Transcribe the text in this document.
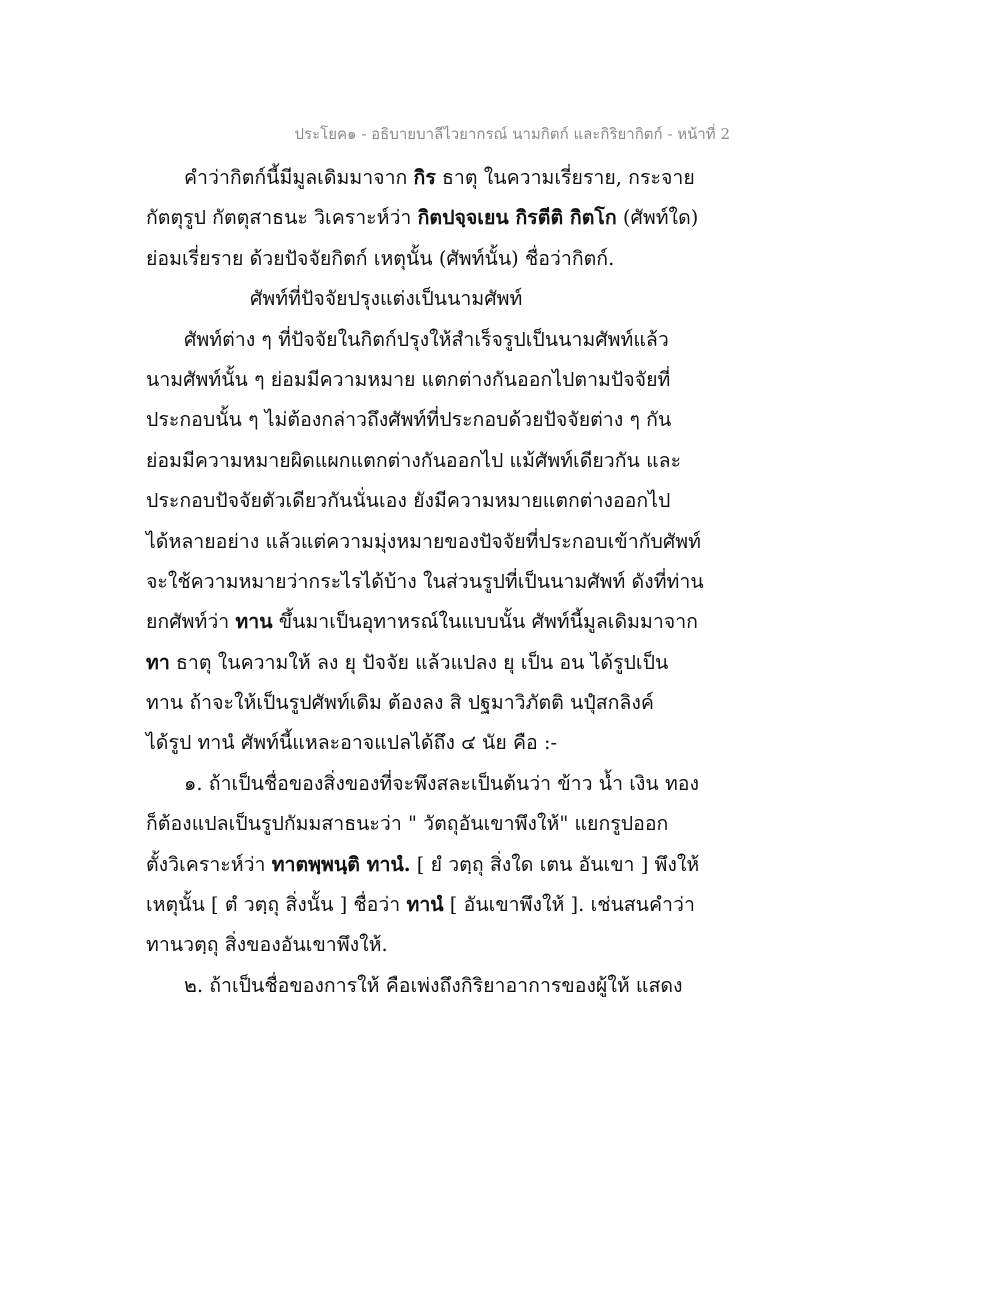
ประโยค๑ - อธิบายบาลีไวยากรณ์ นามกิตก์ และกิริยากิตก์ - หน้าที่ 2
คำว่ากิตก์นี้มีมูลเดิมมาจาก กิร ธาตุ ในความเรี่ยราย, กระจาย
กัตตุรูป กัตตุสาธนะ วิเคราะห์ว่า กิตปจฺจเยน กิรตีติ กิตโก (ศัพท์ใด)
ย่อมเรี่ยราย ด้วยปัจจัยกิตก์ เหตุนั้น (ศัพท์นั้น) ชื่อว่ากิตก์.
ศัพท์ที่ปัจจัยปรุงแต่งเป็นนามศัพท์
ศัพท์ต่าง ๆ ที่ปัจจัยในกิตก์ปรุงให้สำเร็จรูปเป็นนามศัพท์แล้ว
นามศัพท์นั้น ๆ ย่อมมีความหมาย แตกต่างกันออกไปตามปัจจัยที่
ประกอบนั้น ๆ ไม่ต้องกล่าวถึงศัพท์ที่ประกอบด้วยปัจจัยต่าง ๆ กัน
ย่อมมีความหมายผิดแผกแตกต่างกันออกไป แม้ศัพท์เดียวกัน และ
ประกอบปัจจัยตัวเดียวกันนั่นเอง ยังมีความหมายแตกต่างออกไป
ได้หลายอย่าง แล้วแต่ความมุ่งหมายของปัจจัยที่ประกอบเข้ากับศัพท์
จะใช้ความหมายว่ากระไรได้บ้าง ในส่วนรูปที่เป็นนามศัพท์ ดังที่ท่าน
ยกศัพท์ว่า ทาน ขึ้นมาเป็นอุทาหรณ์ในแบบนั้น ศัพท์นี้มูลเดิมมาจาก
ทา ธาตุ ในความให้ ลง ยุ ปัจจัย แล้วแปลง ยุ เป็น อน ได้รูปเป็น
ทาน ถ้าจะให้เป็นรูปศัพท์เดิม ต้องลง สิ ปฐมาวิภัตติ นปุํสกลิงค์
ได้รูป ทานํ ศัพท์นี้แหละอาจแปลได้ถึง ๔ นัย คือ :-
๑. ถ้าเป็นชื่อของสิ่งของที่จะพึงสละเป็นต้นว่า ข้าว น้ำ เงิน ทอง
ก็ต้องแปลเป็นรูปกัมมสาธนะว่า " วัตถุอันเขาพึงให้" แยกรูปออก
ตั้งวิเคราะห์ว่า ทาตพฺพนฺติ ทานํ. [ ยํ วตฺถุ สิ่งใด เตน อันเขา ] พึงให้
เหตุนั้น [ ตํ วตฺถุ สิ่งนั้น ] ชื่อว่า ทานํ [ อันเขาพึงให้ ]. เช่นสนคำว่า
ทานวตฺถุ สิ่งของอันเขาพึงให้.
๒. ถ้าเป็นชื่อของการให้ คือเพ่งถึงกิริยาอาการของผู้ให้ แสดง
